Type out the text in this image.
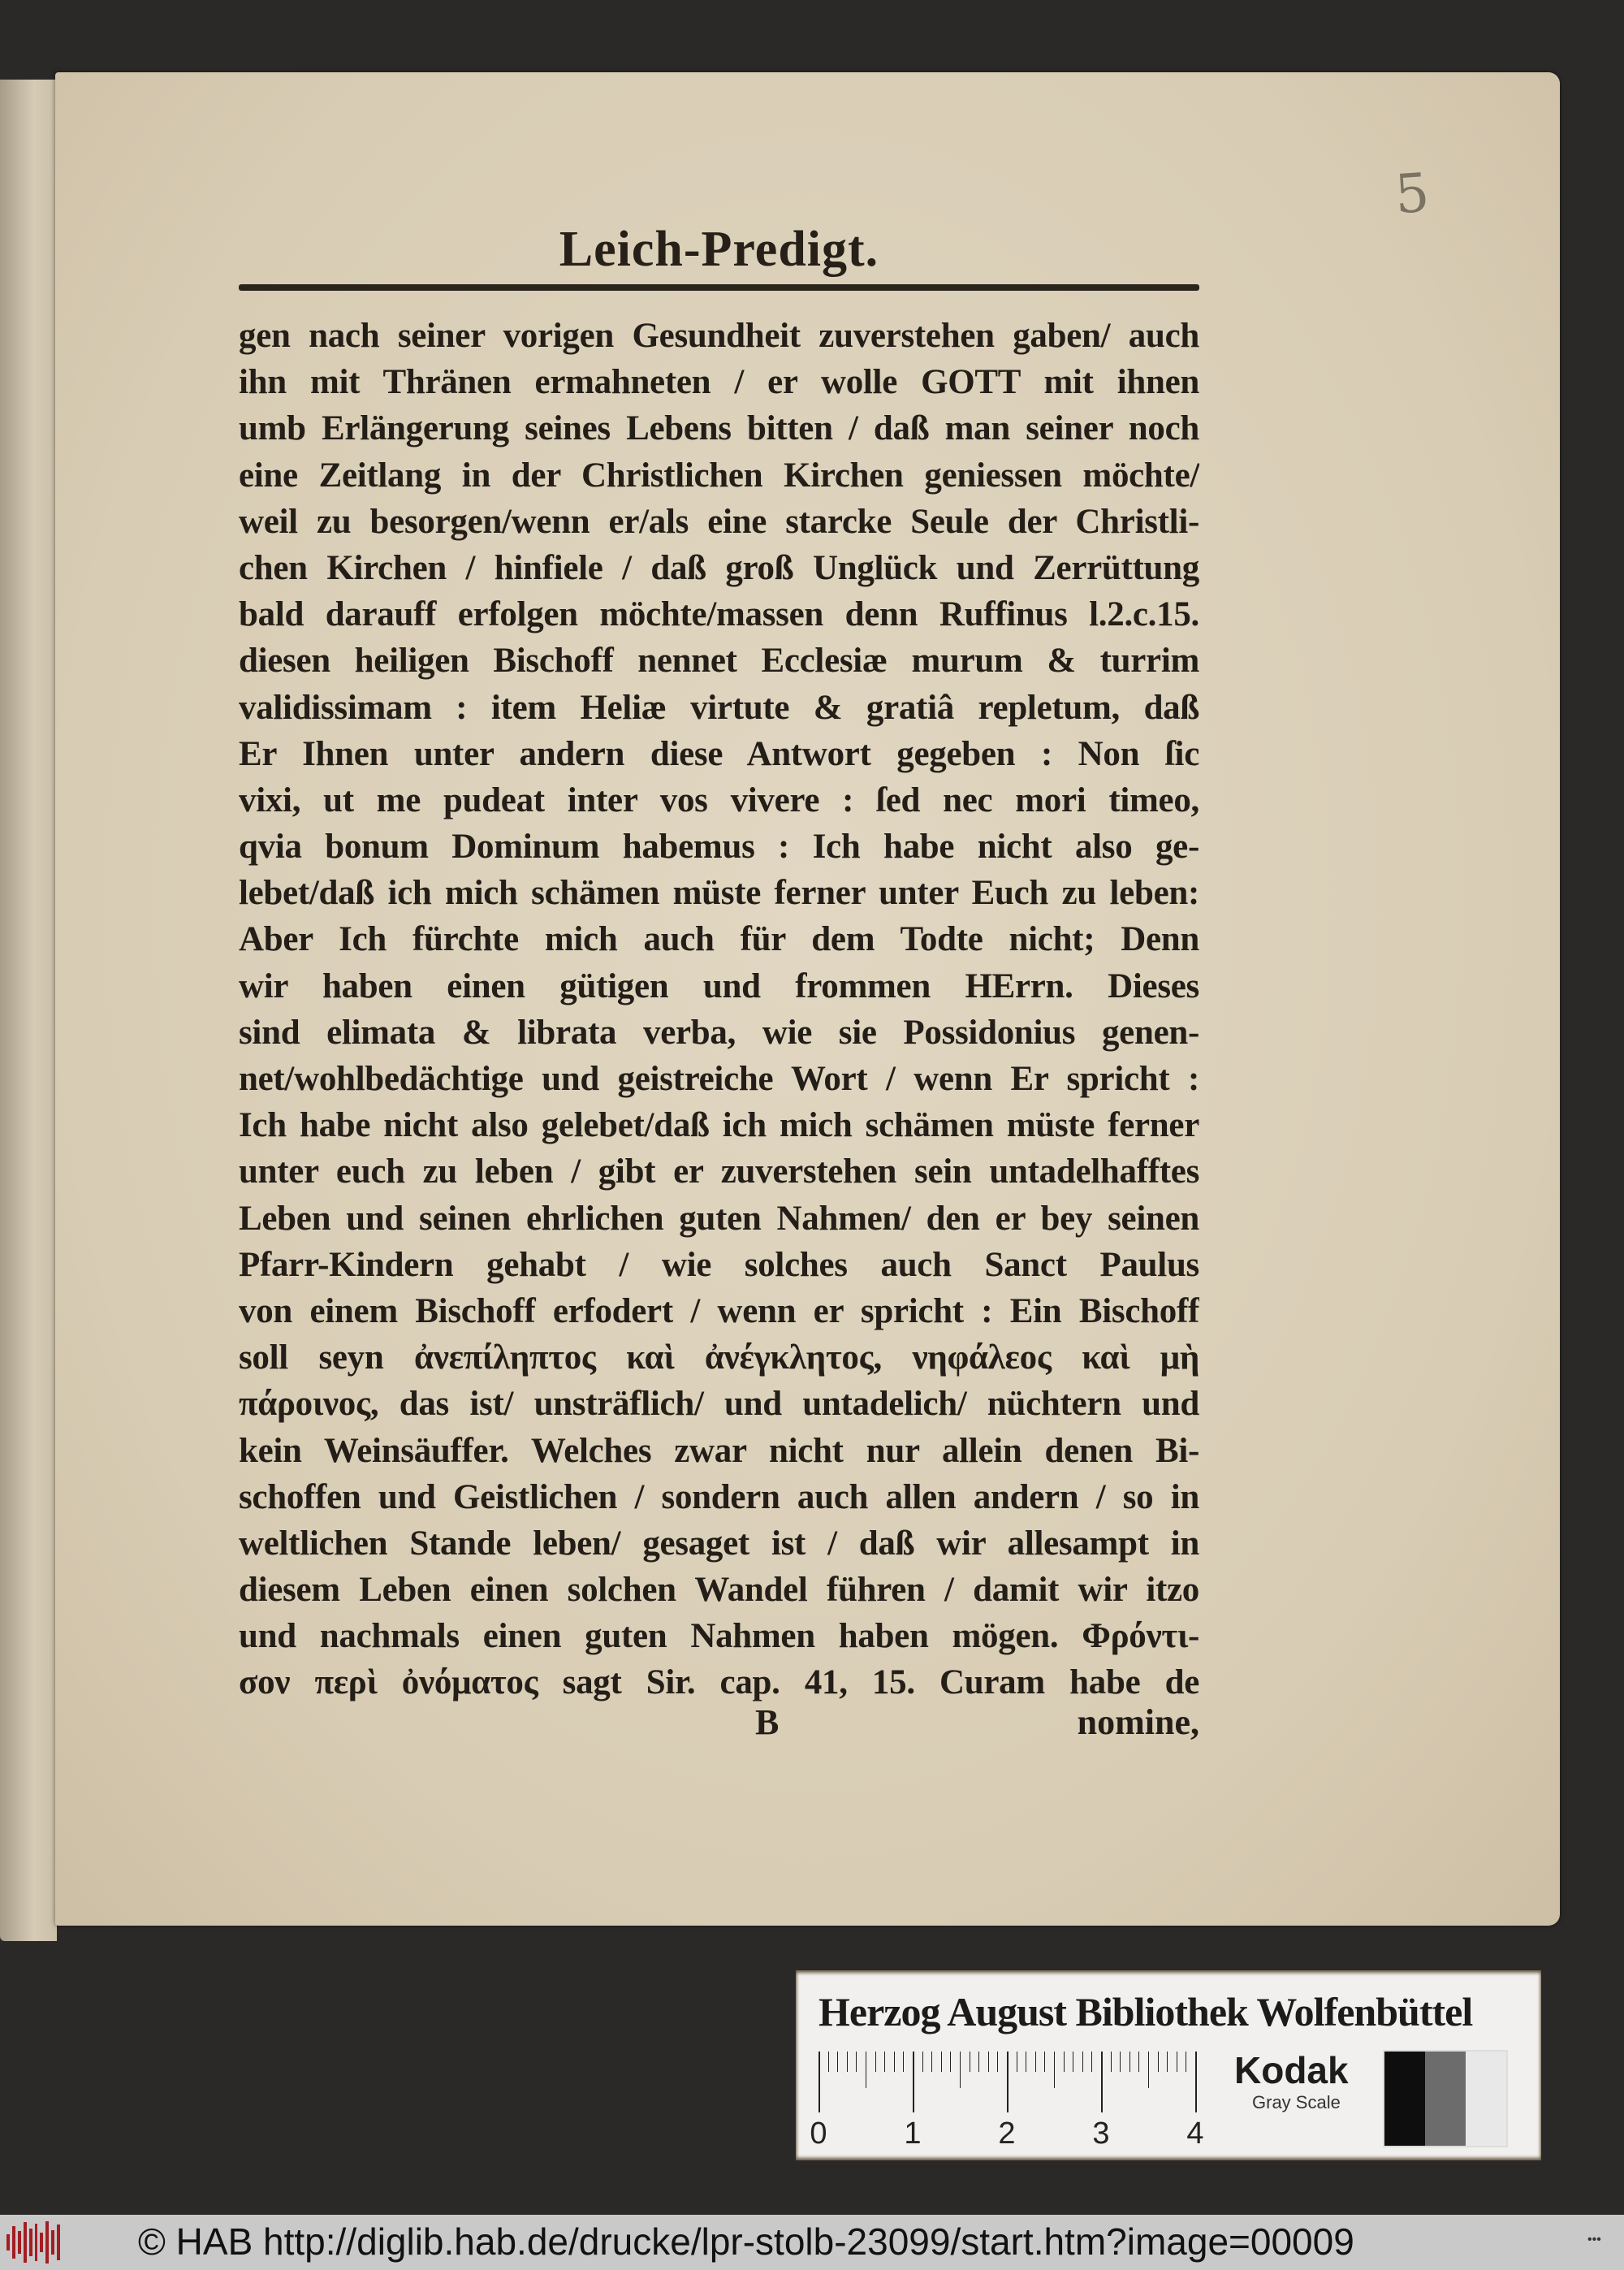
5
Leich-Predigt.
gen nach seiner vorigen Gesundheit zuverstehen gaben/ auch
ihn mit Thränen ermahneten / er wolle GOTT mit ihnen
umb Erlängerung seines Lebens bitten / daß man seiner noch
eine Zeitlang in der Christlichen Kirchen geniessen möchte/
weil zu besorgen/wenn er/als eine starcke Seule der Christli-
chen Kirchen / hinfiele / daß groß Unglück und Zerrüttung
bald darauff erfolgen möchte/massen denn Ruffinus l.2.c.15.
diesen heiligen Bischoff nennet Ecclesiæ murum & turrim
validissimam : item Heliæ virtute & gratiâ repletum, daß
Er Ihnen unter andern diese Antwort gegeben : Non ſic
vixi, ut me pudeat inter vos vivere : ſed nec mori timeo,
qvia bonum Dominum habemus : Ich habe nicht also ge-
lebet/daß ich mich schämen müste ferner unter Euch zu leben:
Aber Ich fürchte mich auch für dem Todte nicht; Denn
wir haben einen gütigen und frommen HErrn. Dieses
sind elimata & librata verba, wie sie Possidonius genen-
net/wohlbedächtige und geistreiche Wort / wenn Er spricht :
Ich habe nicht also gelebet/daß ich mich schämen müste ferner
unter euch zu leben / gibt er zuverstehen sein untadelhafftes
Leben und seinen ehrlichen guten Nahmen/ den er bey seinen
Pfarr-Kindern gehabt / wie solches auch Sanct Paulus
von einem Bischoff erfodert / wenn er spricht : Ein Bischoff
soll seyn ἀνεπίληπτος καὶ ἀνέγκλητος, νηφάλεος καὶ μὴ
πάροινος, das ist/ unsträflich/ und untadelich/ nüchtern und
kein Weinsäuffer. Welches zwar nicht nur allein denen Bi-
schoffen und Geistlichen / sondern auch allen andern / so in
weltlichen Stande leben/ gesaget ist / daß wir allesampt in
diesem Leben einen solchen Wandel führen / damit wir itzo
und nachmals einen guten Nahmen haben mögen. Φρόντι-
σον περὶ ὀνόματος sagt Sir. cap. 41, 15. Curam habe de
B	nomine,
Herzog August Bibliothek Wolfenbüttel
0 1 2 3 4
Kodak
Gray Scale
© HAB http://diglib.hab.de/drucke/lpr-stolb-23099/start.htm?image=00009	•••
